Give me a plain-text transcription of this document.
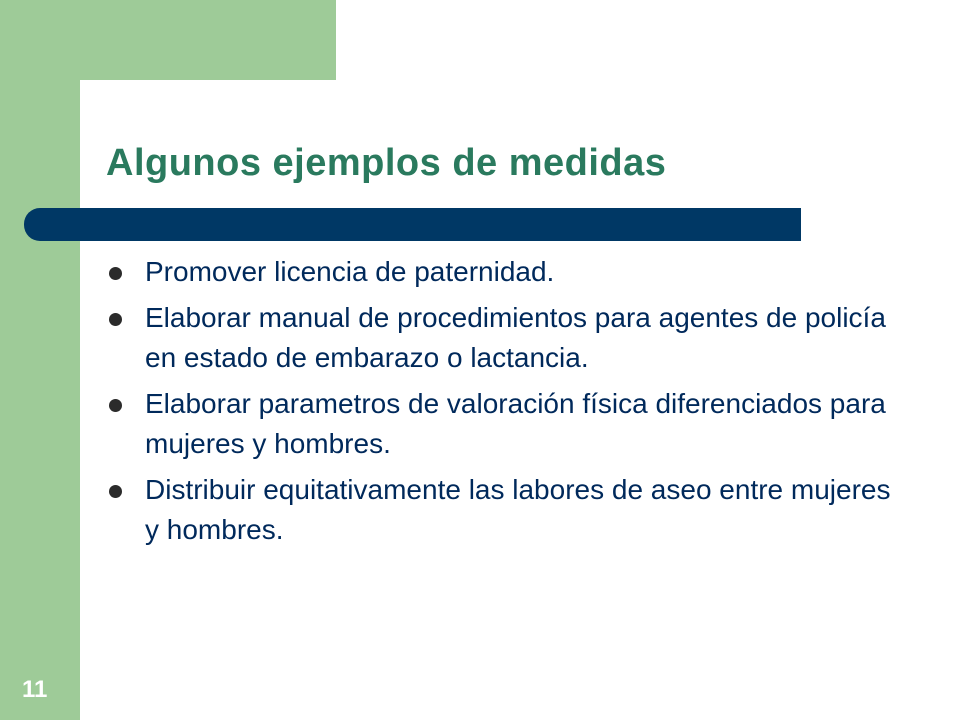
Algunos ejemplos de medidas
Promover licencia de paternidad.
Elaborar manual de procedimientos para agentes de policía en estado de embarazo o lactancia.
Elaborar parametros de valoración física diferenciados para mujeres y hombres.
Distribuir equitativamente las labores de aseo entre mujeres y hombres.
11
